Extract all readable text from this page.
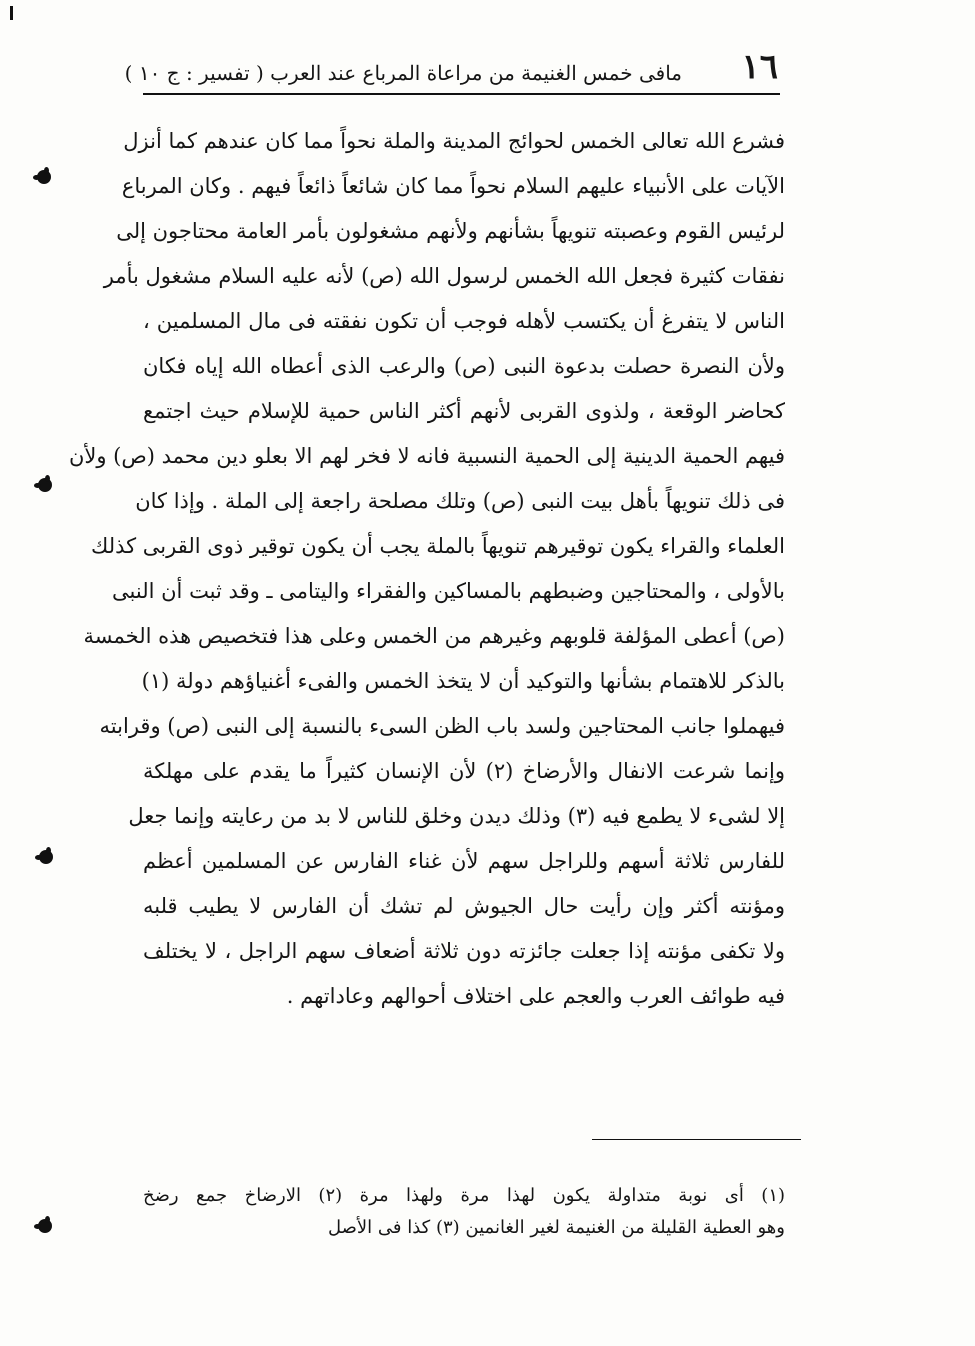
١٦
مافى خمس الغنيمة من مراعاة المرباع عند العرب ( تفسير : ج ١٠ )
فشرع الله تعالى الخمس لحوائج المدينة والملة نحواً مما كان عندهم كما أنزل
الآيات على الأنبياء عليهم السلام نحواً مما كان شائعاً ذائعاً فيهم . وكان المرباع
لرئيس القوم وعصبته تنويهاً بشأنهم ولأنهم مشغولون بأمر العامة محتاجون إلى
نفقات كثيرة فجعل الله الخمس لرسول الله (ص) لأنه عليه السلام مشغول بأمر
الناس لا يتفرغ أن يكتسب لأهله فوجب أن تكون نفقته فى مال المسلمين ،
ولأن النصرة حصلت بدعوة النبى (ص) والرعب الذى أعطاه الله إياه فكان
كحاضر الوقعة ، ولذوى القربى لأنهم أكثر الناس حمية للإسلام حيث اجتمع
فيهم الحمية الدينية إلى الحمية النسبية فانه لا فخر لهم الا بعلو دين محمد (ص) ولأن
فى ذلك تنويهاً بأهل بيت النبى (ص) وتلك مصلحة راجعة إلى الملة . وإذا كان
العلماء والقراء يكون توقيرهم تنويهاً بالملة يجب أن يكون توقير ذوى القربى كذلك
بالأولى ، والمحتاجين وضبطهم بالمساكين والفقراء واليتامى ـ وقد ثبت أن النبى
(ص) أعطى المؤلفة قلوبهم وغيرهم من الخمس وعلى هذا فتخصيص هذه الخمسة
بالذكر للاهتمام بشأنها والتوكيد أن لا يتخذ الخمس والفىء أغنياؤهم دولة (١)
فيهملوا جانب المحتاجين ولسد باب الظن السىء بالنسبة إلى النبى (ص) وقرابته
وإنما شرعت الانفال والأرضاخ (٢) لأن الإنسان كثيراً ما يقدم على مهلكة
إلا لشىء لا يطمع فيه (٣) وذلك ديدن وخلق للناس لا بد من رعايته وإنما جعل
للفارس ثلاثة أسهم وللراجل سهم لأن غناء الفارس عن المسلمين أعظم
ومؤنته أكثر وإن رأيت حال الجيوش لم تشك أن الفارس لا يطيب قلبه
ولا تكفى مؤنته إذا جعلت جائزته دون ثلاثة أضعاف سهم الراجل ، لا يختلف
فيه طوائف العرب والعجم على اختلاف أحوالهم وعاداتهم .
(١) أى نوبة متداولة يكون لهذا مرة ولهذا مرة (٢) الارضاخ جمع رضخ
وهو العطية القليلة من الغنيمة لغير الغانمين (٣) كذا فى الأصل
